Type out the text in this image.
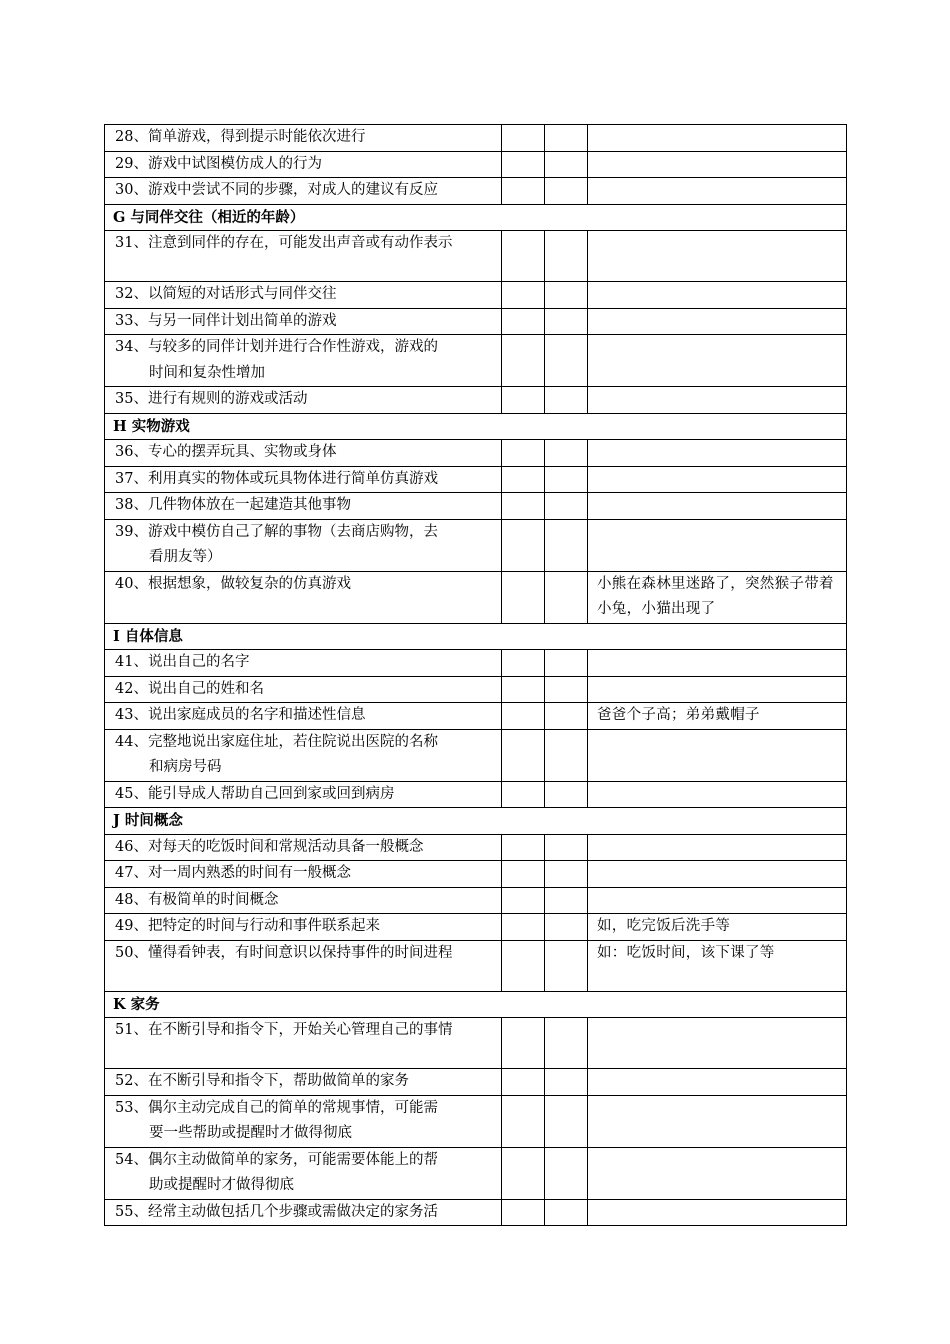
28、简单游戏，得到提示时能依次进行			
29、游戏中试图模仿成人的行为			
30、游戏中尝试不同的步骤，对成人的建议有反应			
G 与同伴交往（相近的年龄）			
31、注意到同伴的存在，可能发出声音或有动作表示			
32、以简短的对话形式与同伴交往			
33、与另一同伴计划出简单的游戏			
34、与较多的同伴计划并进行合作性游戏，游戏的
时间和复杂性增加			

35、进行有规则的游戏或活动			
H 实物游戏			
36、专心的摆弄玩具、实物或身体			
37、利用真实的物体或玩具物体进行简单仿真游戏			
38、几件物体放在一起建造其他事物			
39、游戏中模仿自己了解的事物（去商店购物，去
看朋友等）			

40、根据想象，做较复杂的仿真游戏			小熊在森林里迷路了，突然猴子带着小兔，小猫出现了
I 自体信息			
41、说出自己的名字			
42、说出自己的姓和名			
43、说出家庭成员的名字和描述性信息			爸爸个子高；弟弟戴帽子
44、完整地说出家庭住址，若住院说出医院的名称
和病房号码			

45、能引导成人帮助自己回到家或回到病房			
J 时间概念			
46、对每天的吃饭时间和常规活动具备一般概念			
47、对一周内熟悉的时间有一般概念			
48、有极简单的时间概念			
49、把特定的时间与行动和事件联系起来			如，吃完饭后洗手等
50、懂得看钟表，有时间意识以保持事件的时间进程			如：吃饭时间，该下课了等
K 家务			
51、在不断引导和指令下，开始关心管理自己的事情			
52、在不断引导和指令下，帮助做简单的家务			
53、偶尔主动完成自己的简单的常规事情，可能需
要一些帮助或提醒时才做得彻底			

54、偶尔主动做简单的家务，可能需要体能上的帮
助或提醒时才做得彻底			

55、经常主动做包括几个步骤或需做决定的家务活			
